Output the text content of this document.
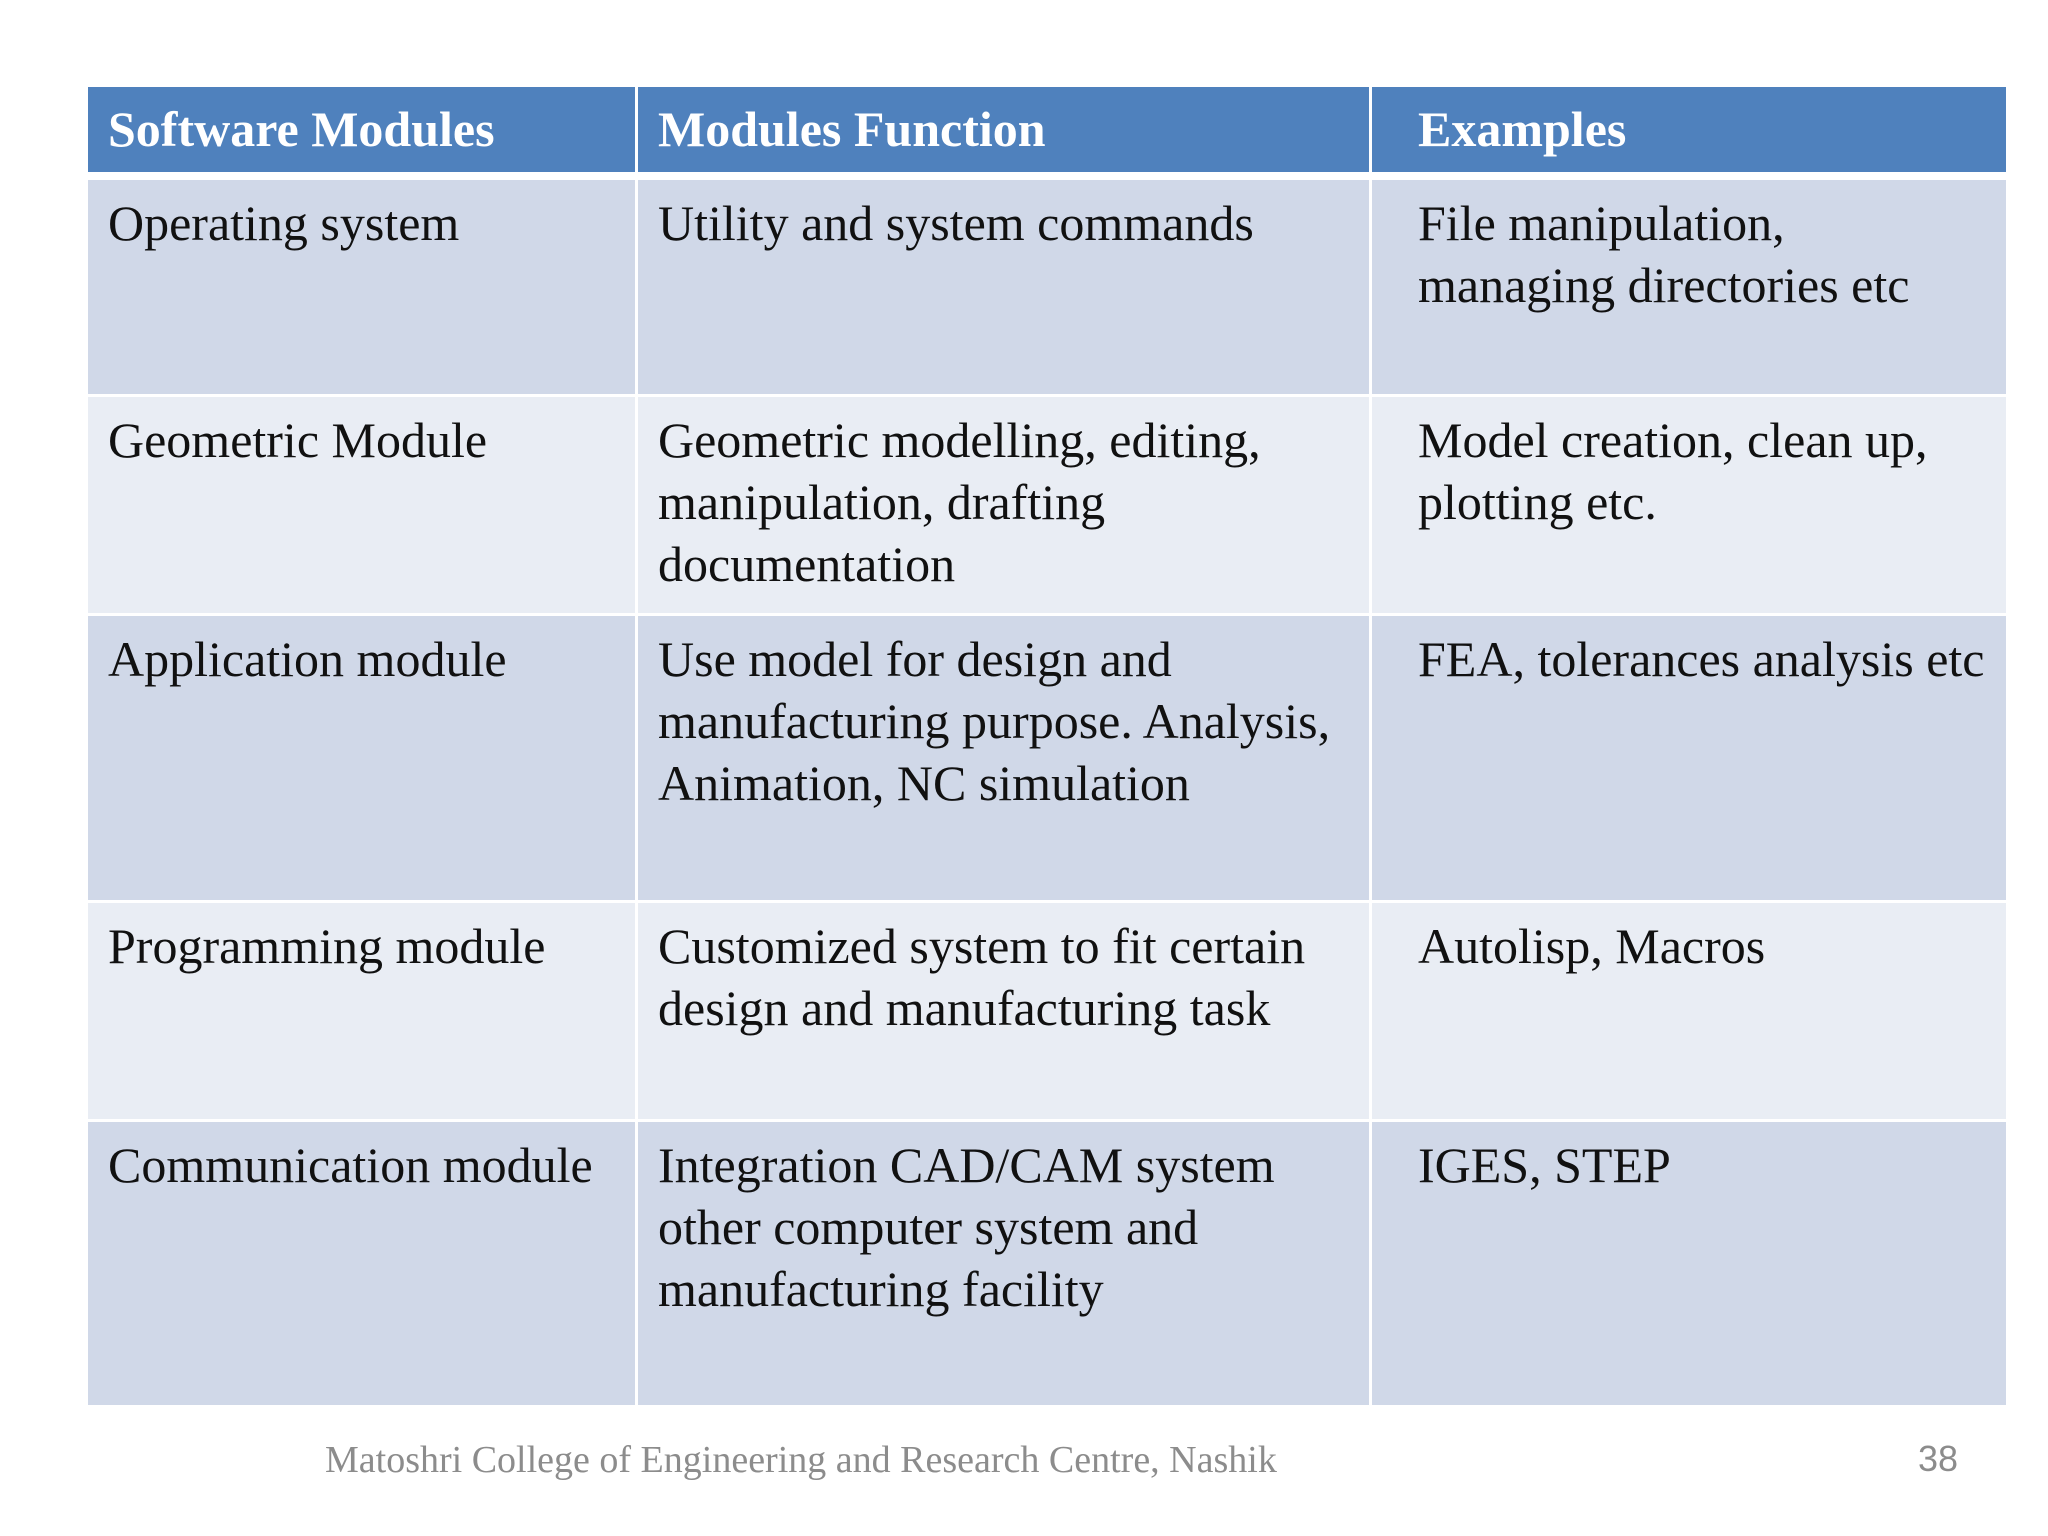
Software Modules	Modules Function	Examples
Operating system	Utility and system commands	File manipulation, managing directories etc
Geometric Module	Geometric modelling, editing, manipulation, drafting documentation	Model creation, clean up, plotting etc.
Application module	Use model for design and manufacturing purpose. Analysis, Animation, NC simulation	FEA, tolerances analysis etc
Programming module	Customized system to fit certain design and manufacturing task	Autolisp, Macros
Communication module	Integration CAD/CAM system other computer system and manufacturing facility	IGES, STEP
Matoshri College of Engineering and Research Centre, Nashik	38
